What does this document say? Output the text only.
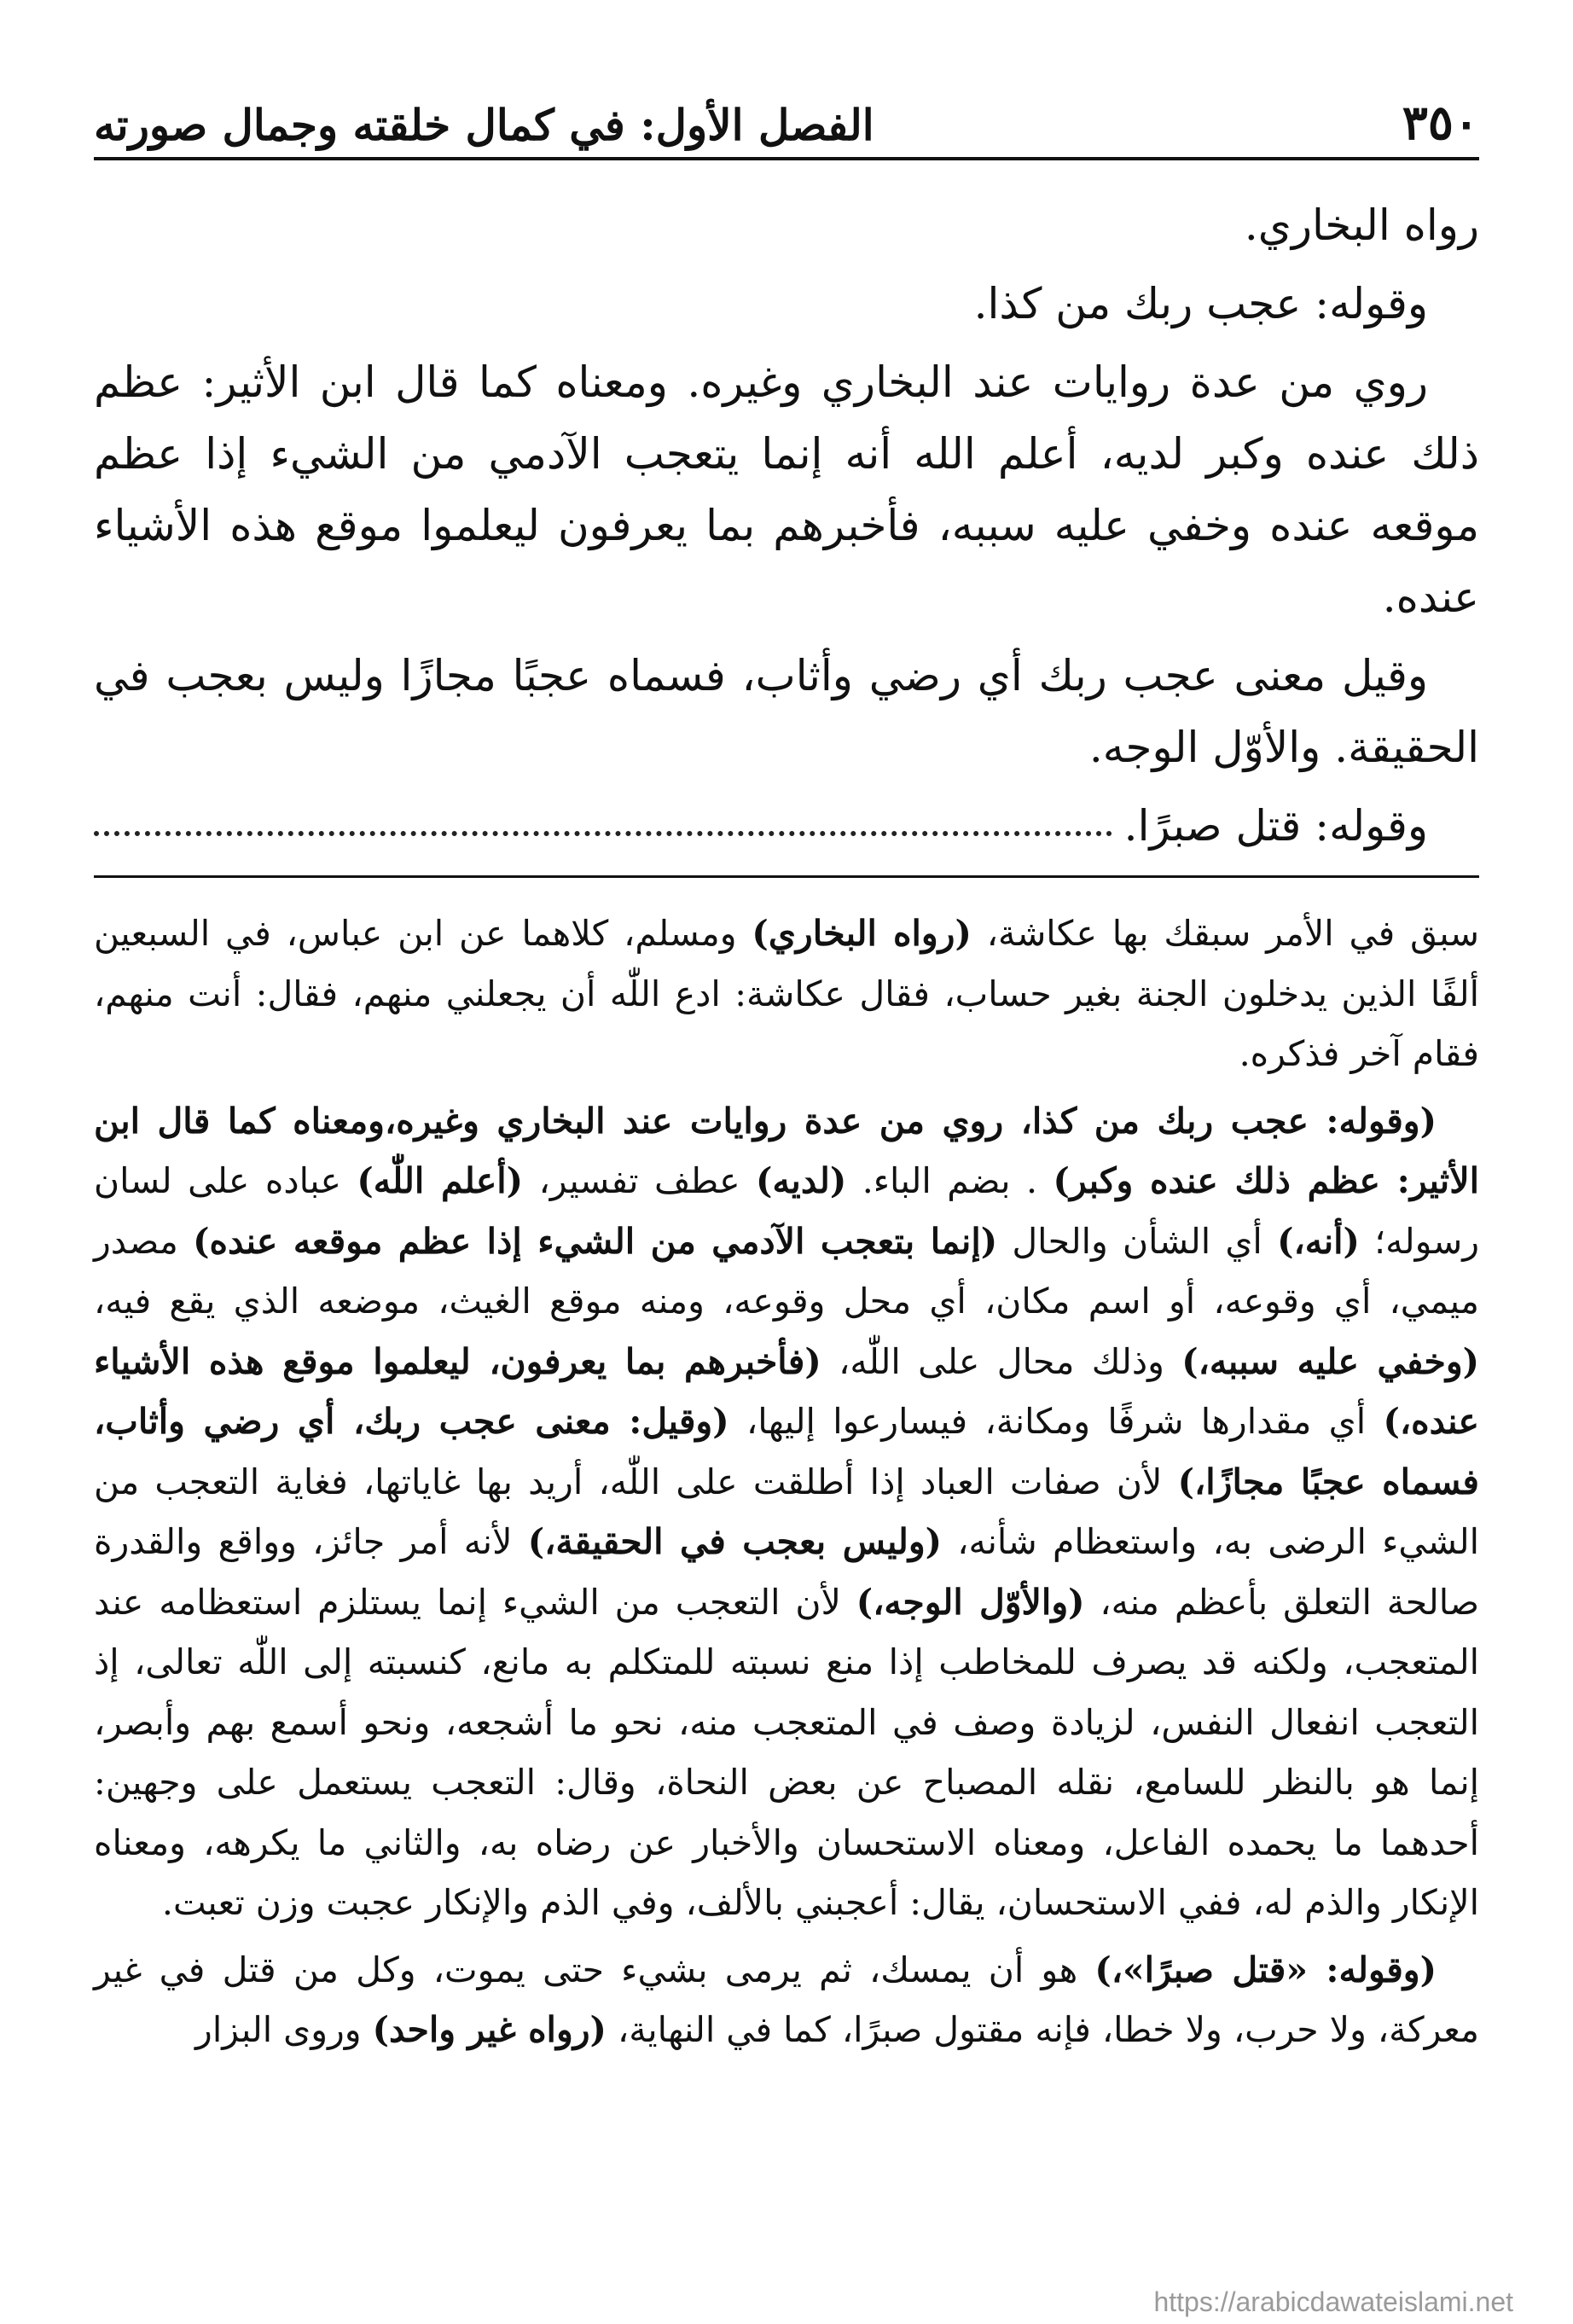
٣٥٠
الفصل الأول: في كمال خلقته وجمال صورته

رواه البخاري.

وقوله: عجب ربك من كذا.

روي من عدة روايات عند البخاري وغيره. ومعناه كما قال ابن الأثير: عظم ذلك عنده وكبر لديه، أعلم الله أنه إنما يتعجب الآدمي من الشيء إذا عظم موقعه عنده وخفي عليه سببه، فأخبرهم بما يعرفون ليعلموا موقع هذه الأشياء عنده.

وقيل معنى عجب ربك أي رضي وأثاب، فسماه عجبًا مجازًا وليس بعجب في الحقيقة. والأوّل الوجه.

وقوله: قتل صبرًا.

سبق في الأمر سبقك بها عكاشة، (رواه البخاري) ومسلم، كلاهما عن ابن عباس، في السبعين ألفًا الذين يدخلون الجنة بغير حساب، فقال عكاشة: ادع اللّٰه أن يجعلني منهم، فقال: أنت منهم، فقام آخر فذكره.

(وقوله: عجب ربك من كذا، روي من عدة روايات عند البخاري وغيره،ومعناه كما قال ابن الأثير: عظم ذلك عنده وكبر) . بضم الباء. (لديه) عطف تفسير، (أعلم اللّٰه) عباده على لسان رسوله؛ (أنه،) أي الشأن والحال (إنما بتعجب الآدمي من الشيء إذا عظم موقعه عنده) مصدر ميمي، أي وقوعه، أو اسم مكان، أي محل وقوعه، ومنه موقع الغيث، موضعه الذي يقع فيه، (وخفي عليه سببه،) وذلك محال على اللّٰه، (فأخبرهم بما يعرفون، ليعلموا موقع هذه الأشياء عنده،) أي مقدارها شرفًا ومكانة، فيسارعوا إليها، (وقيل: معنى عجب ربك، أي رضي وأثاب، فسماه عجبًا مجازًا،) لأن صفات العباد إذا أطلقت على اللّٰه، أريد بها غاياتها، فغاية التعجب من الشيء الرضى به، واستعظام شأنه، (وليس بعجب في الحقيقة،) لأنه أمر جائز، وواقع والقدرة صالحة التعلق بأعظم منه، (والأوّل الوجه،) لأن التعجب من الشيء إنما يستلزم استعظامه عند المتعجب، ولكنه قد يصرف للمخاطب إذا منع نسبته للمتكلم به مانع، كنسبته إلى اللّٰه تعالى، إذ التعجب انفعال النفس، لزيادة وصف في المتعجب منه، نحو ما أشجعه، ونحو أسمع بهم وأبصر، إنما هو بالنظر للسامع، نقله المصباح عن بعض النحاة، وقال: التعجب يستعمل على وجهين: أحدهما ما يحمده الفاعل، ومعناه الاستحسان والأخبار عن رضاه به، والثاني ما يكرهه، ومعناه الإنكار والذم له، ففي الاستحسان، يقال: أعجبني بالألف، وفي الذم والإنكار عجبت وزن تعبت.

(وقوله: «قتل صبرًا»،) هو أن يمسك، ثم يرمى بشيء حتى يموت، وكل من قتل في غير معركة، ولا حرب، ولا خطا، فإنه مقتول صبرًا، كما في النهاية، (رواه غير واحد) وروى البزار

https://arabicdawateislami.net
